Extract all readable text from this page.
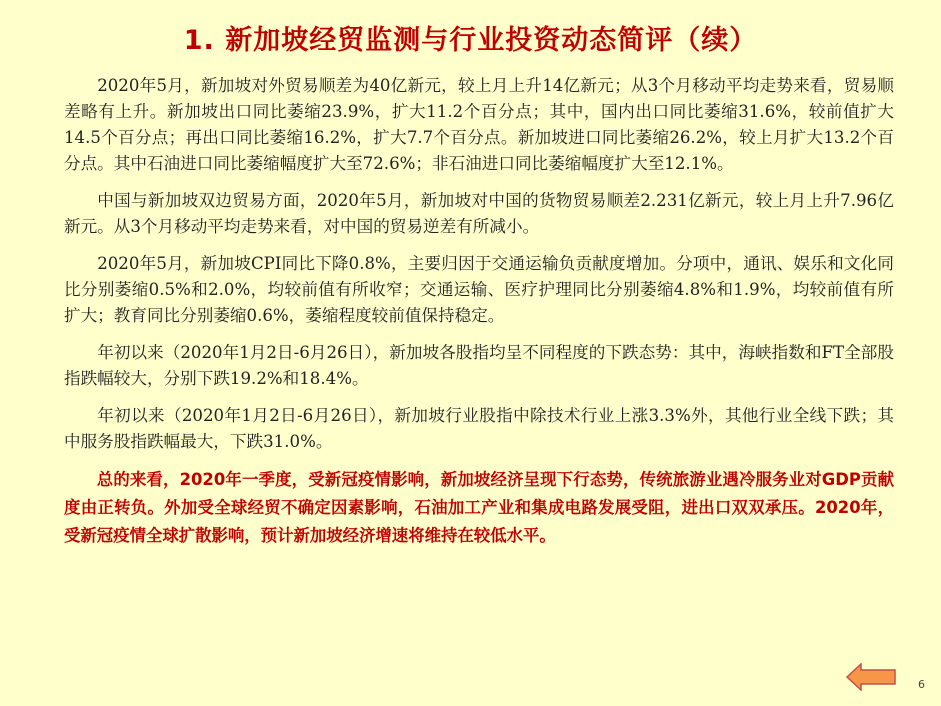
1. 新加坡经贸监测与行业投资动态简评（续）

2020年5月，新加坡对外贸易顺差为40亿新元，较上月上升14亿新元；从3个月移动平均走势来看，贸易顺差略有上升。新加坡出口同比萎缩23.9%，扩大11.2个百分点；其中，国内出口同比萎缩31.6%，较前值扩大14.5个百分点；再出口同比萎缩16.2%，扩大7.7个百分点。新加坡进口同比萎缩26.2%，较上月扩大13.2个百分点。其中石油进口同比萎缩幅度扩大至72.6%；非石油进口同比萎缩幅度扩大至12.1%。

中国与新加坡双边贸易方面，2020年5月，新加坡对中国的货物贸易顺差2.231亿新元，较上月上升7.96亿新元。从3个月移动平均走势来看，对中国的贸易逆差有所减小。

2020年5月，新加坡CPI同比下降0.8%，主要归因于交通运输负贡献度增加。分项中，通讯、娱乐和文化同比分别萎缩0.5%和2.0%，均较前值有所收窄；交通运输、医疗护理同比分别萎缩4.8%和1.9%，均较前值有所扩大；教育同比分别萎缩0.6%，萎缩程度较前值保持稳定。

年初以来（2020年1月2日-6月26日），新加坡各股指均呈不同程度的下跌态势：其中，海峡指数和FT全部股指跌幅较大，分别下跌19.2%和18.4%。

年初以来（2020年1月2日-6月26日），新加坡行业股指中除技术行业上涨3.3%外，其他行业全线下跌；其中服务股指跌幅最大，下跌31.0%。

总的来看，2020年一季度，受新冠疫情影响，新加坡经济呈现下行态势，传统旅游业遇冷服务业对GDP贡献度由正转负。外加受全球经贸不确定因素影响，石油加工产业和集成电路发展受阻，进出口双双承压。2020年，受新冠疫情全球扩散影响，预计新加坡经济增速将维持在较低水平。

6
